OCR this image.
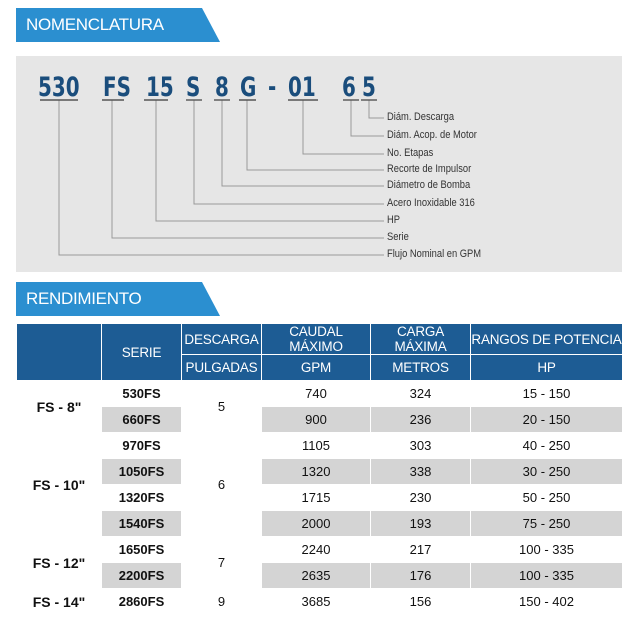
NOMENCLATURA
530 FS 15 S 8 G - 01 6 5
Diám. Descarga
Diám. Acop. de Motor
No. Etapas
Recorte de Impulsor
Diámetro de Bomba
Acero Inoxidable 316
HP
Serie
Flujo Nominal en GPM
RENDIMIENTO
	SERIE	DESCARGA	CAUDAL MÁXIMO	CARGA MÁXIMA	RANGOS DE POTENCIA
		PULGADAS	GPM	METROS	HP
FS - 8"	530FS	5	740	324	15 - 150
	660FS		900	236	20 - 150
FS - 10"	970FS	6	1105	303	40 - 250
	1050FS		1320	338	30 - 250
	1320FS		1715	230	50 - 250
	1540FS		2000	193	75 - 250
FS - 12"	1650FS	7	2240	217	100 - 335
	2200FS		2635	176	100 - 335
FS - 14"	2860FS	9	3685	156	150 - 402
